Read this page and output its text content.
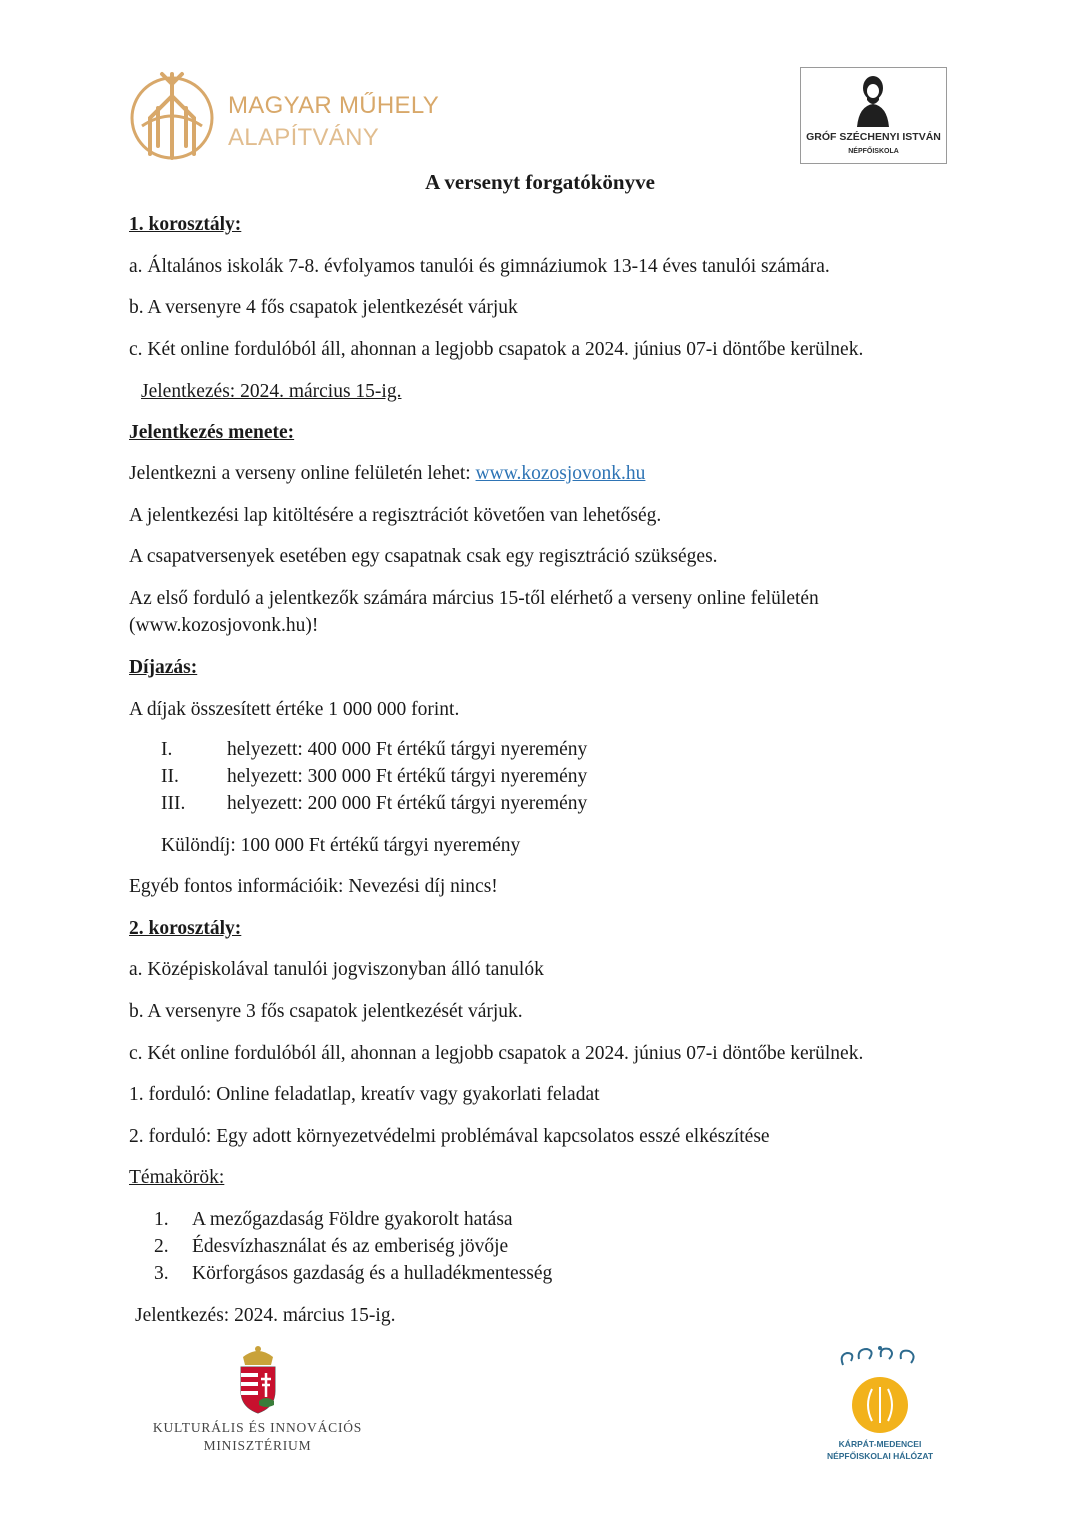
MAGYAR MŰHELY
ALAPÍTVÁNY	GRÓF SZÉCHENYI ISTVÁN
NÉPFŐISKOLA
A versenyt forgatókönyve
1. korosztály:
a. Általános iskolák 7-8. évfolyamos tanulói és gimnáziumok 13-14 éves tanulói számára.
b. A versenyre 4 fős csapatok jelentkezését várjuk
c. Két online fordulóból áll, ahonnan a legjobb csapatok a 2024. június 07-i döntőbe kerülnek.
Jelentkezés: 2024. március 15-ig.
Jelentkezés menete:
Jelentkezni a verseny online felületén lehet: www.kozosjovonk.hu
A jelentkezési lap kitöltésére a regisztrációt követően van lehetőség.
A csapatversenyek esetében egy csapatnak csak egy regisztráció szükséges.
Az első forduló a jelentkezők számára március 15-től elérhető a verseny online felületén
(www.kozosjovonk.hu)!
Díjazás:
A díjak összesített értéke 1 000 000 forint.
I.	helyezett: 400 000 Ft értékű tárgyi nyeremény
II. helyezett: 300 000 Ft értékű tárgyi nyeremény
III. helyezett: 200 000 Ft értékű tárgyi nyeremény
Különdíj: 100 000 Ft értékű tárgyi nyeremény
Egyéb fontos információik: Nevezési díj nincs!
2. korosztály:
a. Középiskolával tanulói jogviszonyban álló tanulók
b. A versenyre 3 fős csapatok jelentkezését várjuk.
c. Két online fordulóból áll, ahonnan a legjobb csapatok a 2024. június 07-i döntőbe kerülnek.
1. forduló: Online feladatlap, kreatív vagy gyakorlati feladat
2. forduló: Egy adott környezetvédelmi problémával kapcsolatos esszé elkészítése
Témakörök:
1. A mezőgazdaság Földre gyakorolt hatása
2. Édesvízhasználat és az emberiség jövője
3. Körforgásos gazdaság és a hulladékmentesség
Jelentkezés: 2024. március 15-ig.
KULTURÁLIS ÉS INNOVÁCIÓS
MINISZTÉRIUM	KÁRPÁT-MEDENCEI
NÉPFŐISKOLAI HÁLÓZAT
